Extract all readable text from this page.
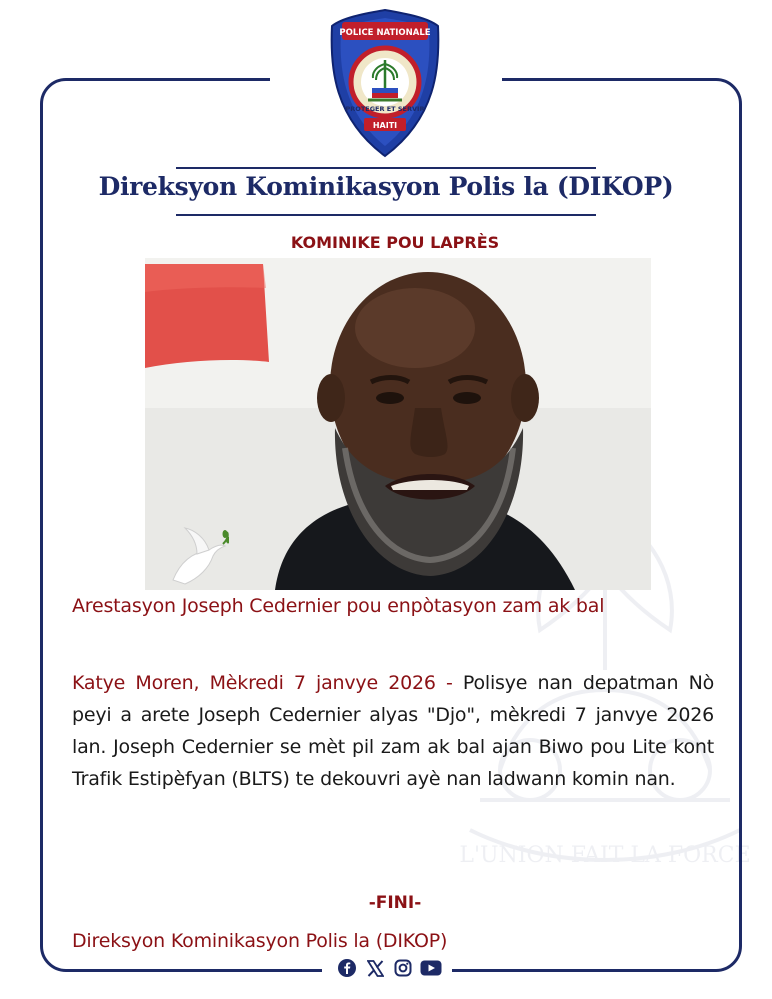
L'UNION FAIT LA FORCE
POLICE NATIONALE
PROTEGER ET SERVIR
HAITI
Direksyon Kominikasyon Polis la (DIKOP)
KOMINIKE POU LAPRÈS
Arestasyon Joseph Cedernier pou enpòtasyon zam ak bal
Katye Moren, Mèkredi 7 janvye 2026 - Polisye nan depatman Nò peyi a arete Joseph Cedernier alyas "Djo", mèkredi 7 janvye 2026 lan. Joseph Cedernier se mèt pil zam ak bal ajan Biwo pou Lite kont Trafik Estipèfyan (BLTS) te dekouvri ayè nan ladwann komin nan.
-FINI-
Direksyon Kominikasyon Polis la (DIKOP)
